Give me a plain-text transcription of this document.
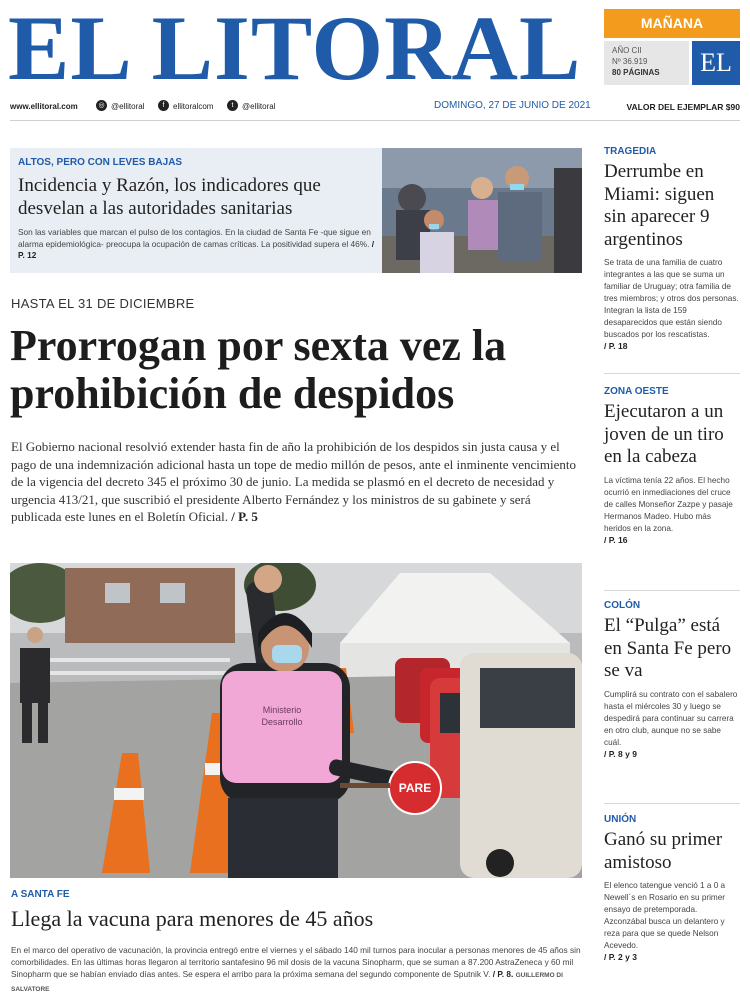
EL LITORAL	MAÑANA
AÑO CII
Nº 36.919
80 PÁGINAS	EL
www.ellitoral.com	◎ @ellitoral	f	ellitoralcom	t	@ellitoral	DOMINGO, 27 DE JUNIO DE 2021	VALOR DEL EJEMPLAR $90
ALTOS, PERO CON LEVES BAJAS
Incidencia y Razón, los indicadores que desvelan a las autoridades sanitarias
Son las variables que marcan el pulso de los contagios. En la ciudad de Santa Fe -que sigue en alarma epidemiológica- preocupa la ocupación de camas críticas. La positividad supera el 46%. / P. 12
HASTA EL 31 DE DICIEMBRE
Prorrogan por sexta vez la prohibición de despidos
El Gobierno nacional resolvió extender hasta fin de año la prohibición de los despidos sin justa causa y el pago de una indemnización adicional hasta un tope de medio millón de pesos, ante el inminente vencimiento de la vigencia del decreto 345 el próximo 30 de junio. La medida se plasmó en el decreto de necesidad y urgencia 413/21, que suscribió el presidente Alberto Fernández y los ministros de su gabinete y será publicada este lunes en el Boletín Oficial. / P. 5
Ministerio
Desarrollo
PARE
A SANTA FE
Llega la vacuna para menores de 45 años
En el marco del operativo de vacunación, la provincia entregó entre el viernes y el sábado 140 mil turnos para inocular a personas menores de 45 años sin comorbilidades. En las últimas horas llegaron al territorio santafesino 96 mil dosis de la vacuna Sinopharm, que se suman a 87.200 AstraZeneca y 60 mil Sinopharm que se habían enviado días antes. Se espera el arribo para la próxima semana del segundo componente de Sputnik V. / P. 8. GUILLERMO DI SALVATORE
TRAGEDIA
Derrumbe en Miami: siguen sin aparecer 9 argentinos
Se trata de una familia de cuatro integrantes a las que se suma un familiar de Uruguay; otra familia de tres miembros; y otros dos personas. Integran la lista de 159 desaparecidos que están siendo buscados por los rescatistas.
/ P. 18
ZONA OESTE
Ejecutaron a un joven de un tiro en la cabeza
La víctima tenía 22 años. El hecho ocurrió en inmediaciones del cruce de calles Monseñor Zazpe y pasaje Hermanos Madeo. Hubo más heridos en la zona.
/ P. 16
COLÓN
El “Pulga” está en Santa Fe pero se va
Cumplirá su contrato con el sabalero hasta el miércoles 30 y luego se despedirá para continuar su carrera en otro club, aunque no se sabe cuál.
/ P. 8 y 9
UNIÓN
Ganó su primer amistoso
El elenco tatengue venció 1 a 0 a Newell´s en Rosario en su primer ensayo de pretemporada. Azconzábal busca un delantero y reza para que se quede Nelson Acevedo.
/ P. 2 y 3
